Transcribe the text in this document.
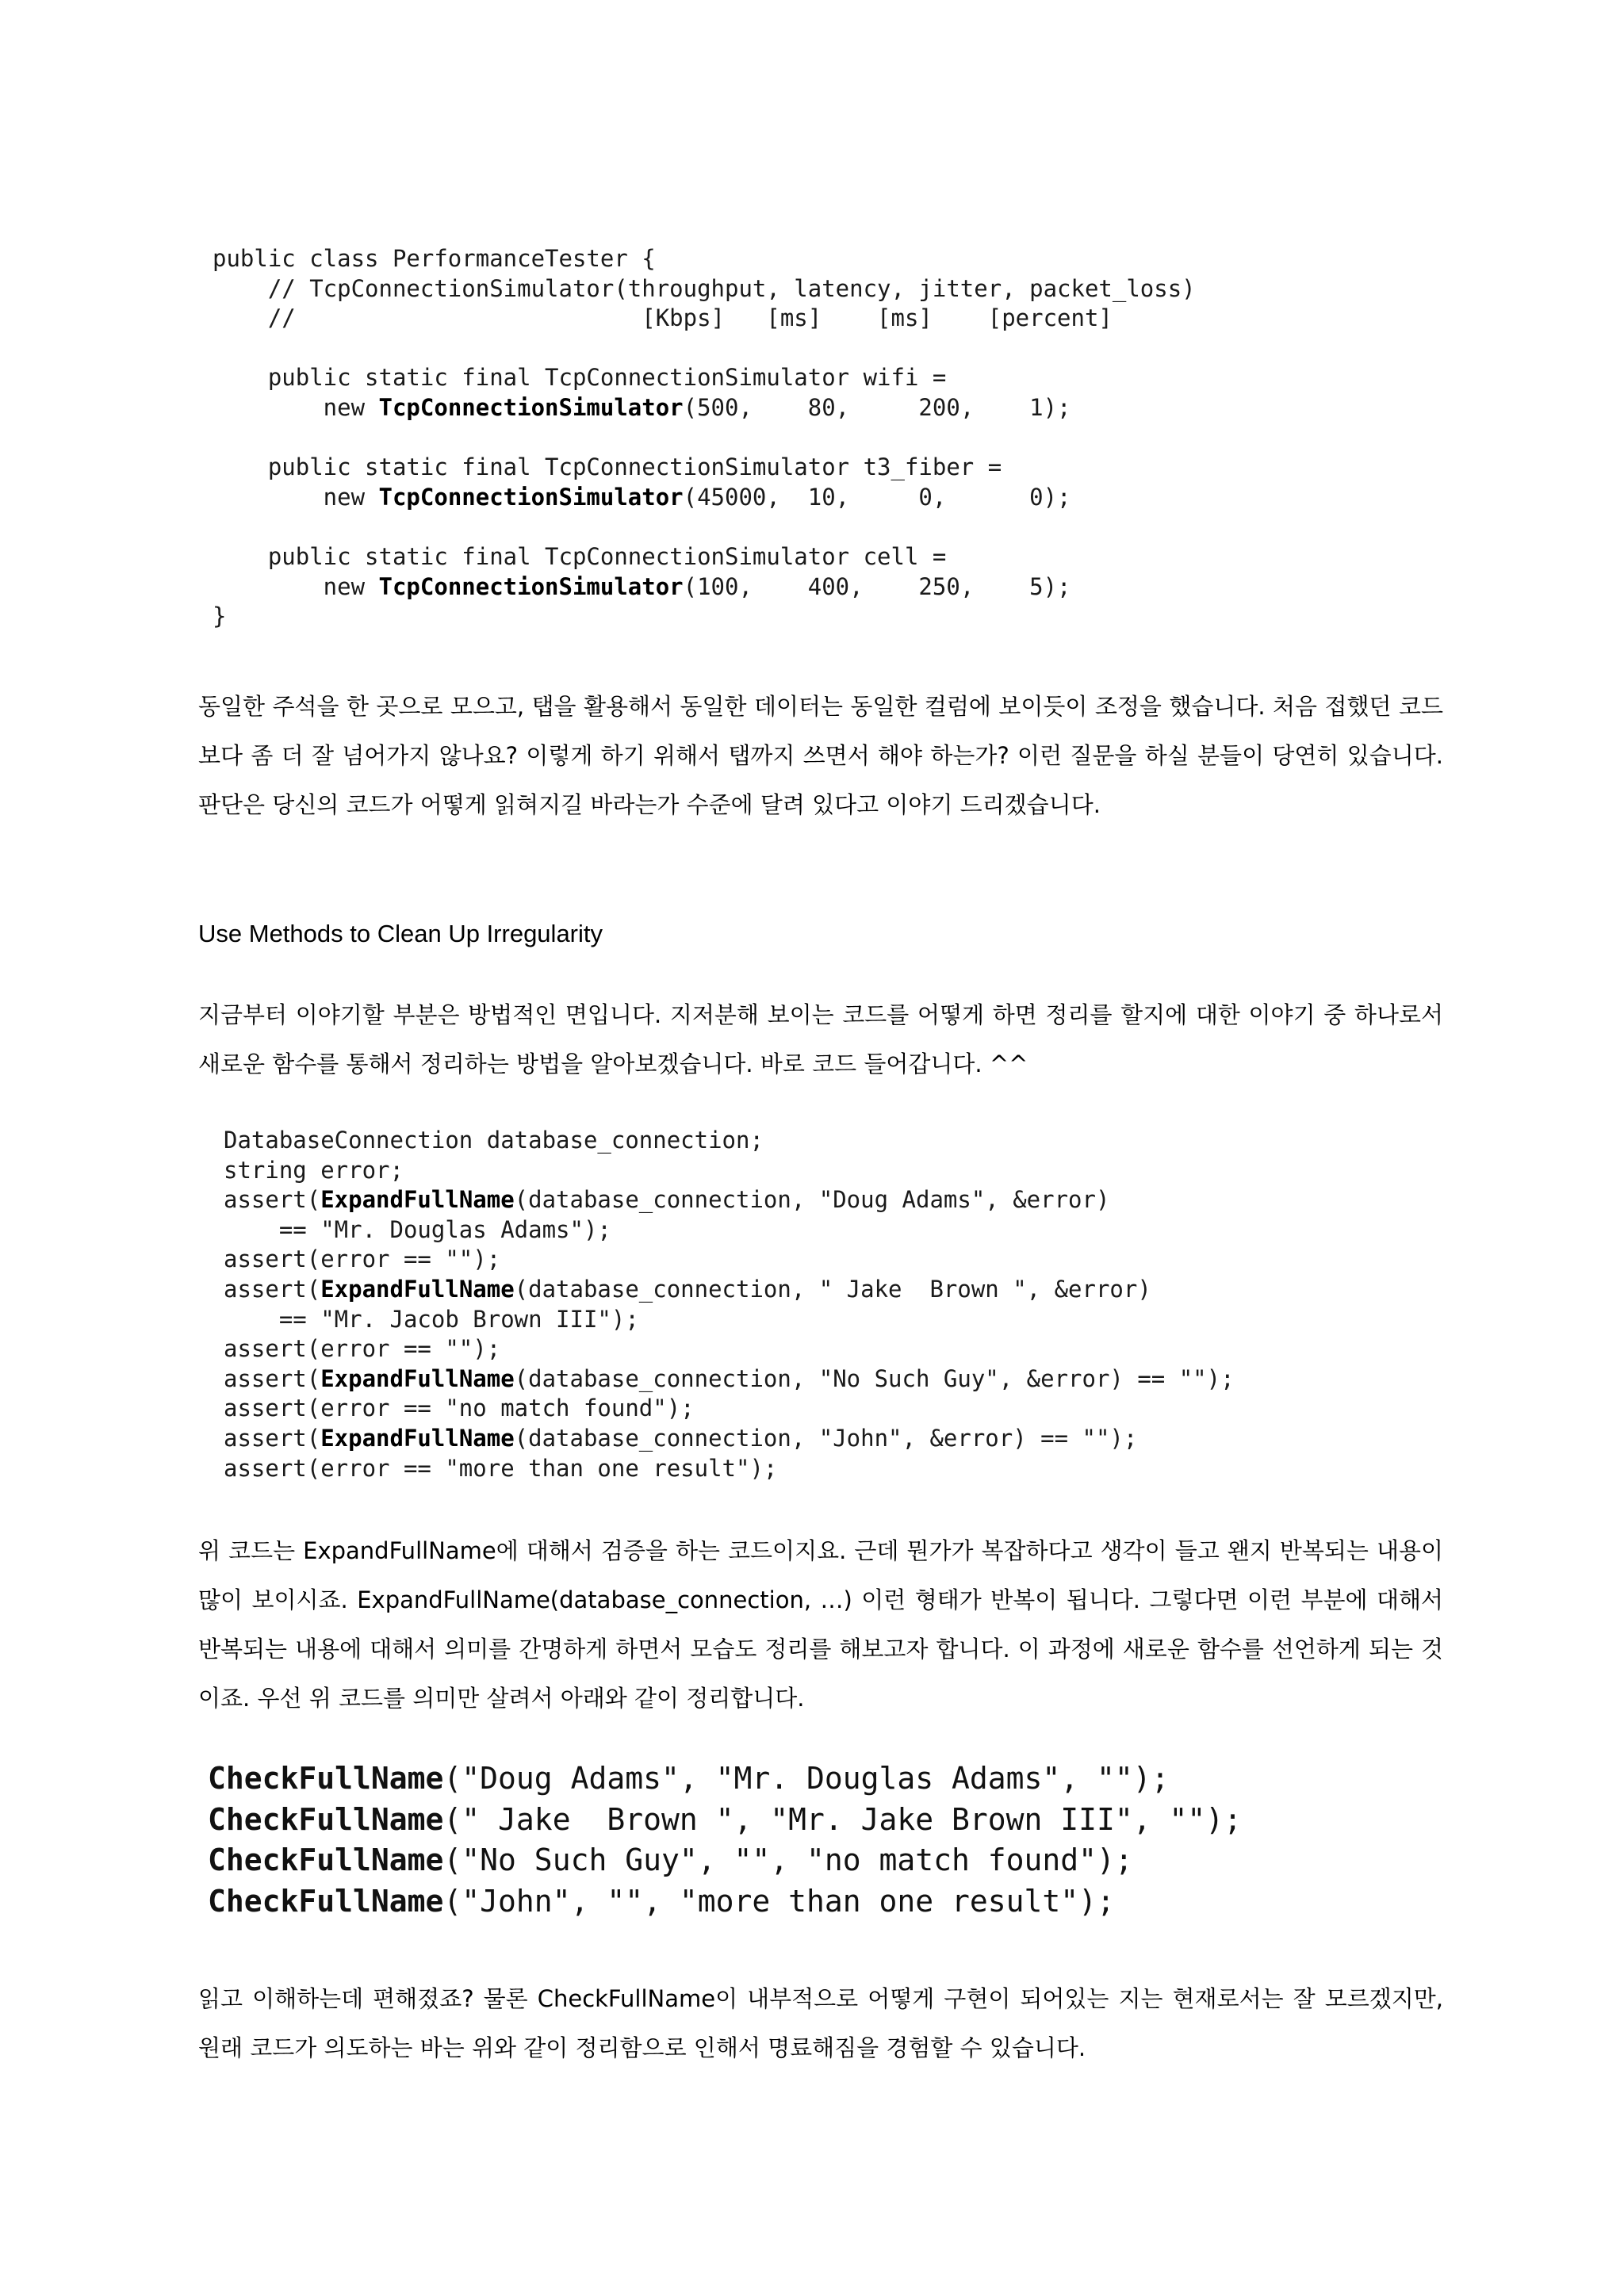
public class PerformanceTester {
// TcpConnectionSimulator(throughput, latency, jitter, packet_loss)
//                         [Kbps]   [ms]    [ms]    [percent]
public static final TcpConnectionSimulator wifi =
new TcpConnectionSimulator(500,    80,     200,    1);
public static final TcpConnectionSimulator t3_fiber =
new TcpConnectionSimulator(45000,  10,     0,      0);
public static final TcpConnectionSimulator cell =
new TcpConnectionSimulator(100,    400,    250,    5);
}

동일한 주석을 한 곳으로 모으고, 탭을 활용해서 동일한 데이터는 동일한 컬럼에 보이듯이 조정을 했습니다. 처음 접했던 코드보다 좀 더 잘 넘어가지 않나요? 이렇게 하기 위해서 탭까지 쓰면서 해야 하는가? 이런 질문을 하실 분들이 당연히 있습니다. 판단은 당신의 코드가 어떻게 읽혀지길 바라는가 수준에 달려 있다고 이야기 드리겠습니다.

Use Methods to Clean Up Irregularity

지금부터 이야기할 부분은 방법적인 면입니다. 지저분해 보이는 코드를 어떻게 하면 정리를 할지에 대한 이야기 중 하나로서 새로운 함수를 통해서 정리하는 방법을 알아보겠습니다. 바로 코드 들어갑니다. ^^

DatabaseConnection database_connection;
string error;
assert(ExpandFullName(database_connection, "Doug Adams", &error)
== "Mr. Douglas Adams");
assert(error == "");
assert(ExpandFullName(database_connection, " Jake  Brown ", &error)
== "Mr. Jacob Brown III");
assert(error == "");
assert(ExpandFullName(database_connection, "No Such Guy", &error) == "");
assert(error == "no match found");
assert(ExpandFullName(database_connection, "John", &error) == "");
assert(error == "more than one result");

위 코드는 ExpandFullName에 대해서 검증을 하는 코드이지요. 근데 뭔가가 복잡하다고 생각이 들고 왠지 반복되는 내용이 많이 보이시죠. ExpandFullName(database_connection, …) 이런 형태가 반복이 됩니다. 그렇다면 이런 부분에 대해서 반복되는 내용에 대해서 의미를 간명하게 하면서 모습도 정리를 해보고자 합니다. 이 과정에 새로운 함수를 선언하게 되는 것이죠. 우선 위 코드를 의미만 살려서 아래와 같이 정리합니다.

CheckFullName("Doug Adams", "Mr. Douglas Adams", "");
CheckFullName(" Jake  Brown ", "Mr. Jake Brown III", "");
CheckFullName("No Such Guy", "", "no match found");
CheckFullName("John", "", "more than one result");

읽고 이해하는데 편해졌죠? 물론 CheckFullName이 내부적으로 어떻게 구현이 되어있는 지는 현재로서는 잘 모르겠지만, 원래 코드가 의도하는 바는 위와 같이 정리함으로 인해서 명료해짐을 경험할 수 있습니다.
